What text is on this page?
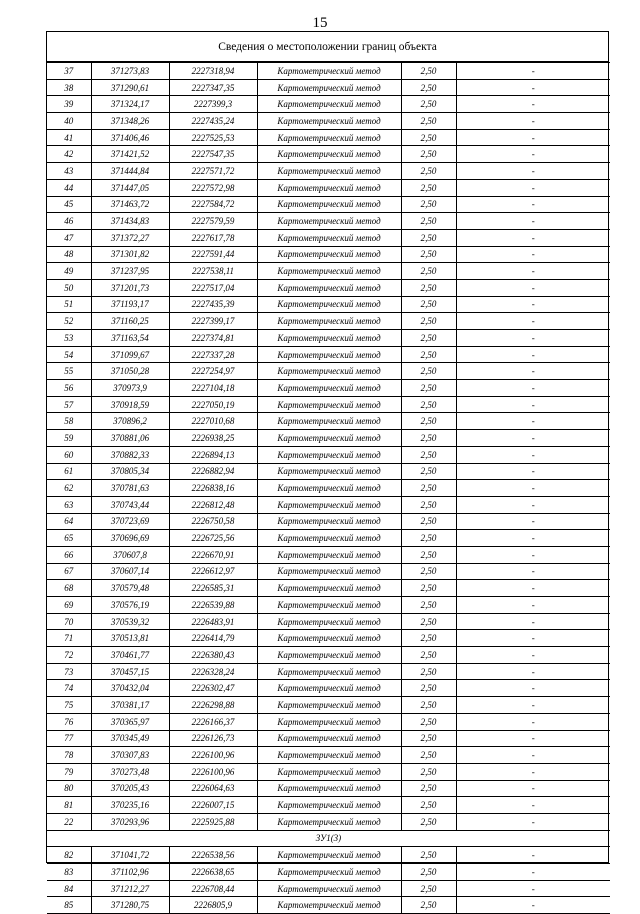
15
Сведения о местоположении границ объекта
37	371273,83	2227318,94	Картометрический метод	2,50	-
38	371290,61	2227347,35	Картометрический метод	2,50	-
39	371324,17	2227399,3	Картометрический метод	2,50	-
40	371348,26	2227435,24	Картометрический метод	2,50	-
41	371406,46	2227525,53	Картометрический метод	2,50	-
42	371421,52	2227547,35	Картометрический метод	2,50	-
43	371444,84	2227571,72	Картометрический метод	2,50	-
44	371447,05	2227572,98	Картометрический метод	2,50	-
45	371463,72	2227584,72	Картометрический метод	2,50	-
46	371434,83	2227579,59	Картометрический метод	2,50	-
47	371372,27	2227617,78	Картометрический метод	2,50	-
48	371301,82	2227591,44	Картометрический метод	2,50	-
49	371237,95	2227538,11	Картометрический метод	2,50	-
50	371201,73	2227517,04	Картометрический метод	2,50	-
51	371193,17	2227435,39	Картометрический метод	2,50	-
52	371160,25	2227399,17	Картометрический метод	2,50	-
53	371163,54	2227374,81	Картометрический метод	2,50	-
54	371099,67	2227337,28	Картометрический метод	2,50	-
55	371050,28	2227254,97	Картометрический метод	2,50	-
56	370973,9	2227104,18	Картометрический метод	2,50	-
57	370918,59	2227050,19	Картометрический метод	2,50	-
58	370896,2	2227010,68	Картометрический метод	2,50	-
59	370881,06	2226938,25	Картометрический метод	2,50	-
60	370882,33	2226894,13	Картометрический метод	2,50	-
61	370805,34	2226882,94	Картометрический метод	2,50	-
62	370781,63	2226838,16	Картометрический метод	2,50	-
63	370743,44	2226812,48	Картометрический метод	2,50	-
64	370723,69	2226750,58	Картометрический метод	2,50	-
65	370696,69	2226725,56	Картометрический метод	2,50	-
66	370607,8	2226670,91	Картометрический метод	2,50	-
67	370607,14	2226612,97	Картометрический метод	2,50	-
68	370579,48	2226585,31	Картометрический метод	2,50	-
69	370576,19	2226539,88	Картометрический метод	2,50	-
70	370539,32	2226483,91	Картометрический метод	2,50	-
71	370513,81	2226414,79	Картометрический метод	2,50	-
72	370461,77	2226380,43	Картометрический метод	2,50	-
73	370457,15	2226328,24	Картометрический метод	2,50	-
74	370432,04	2226302,47	Картометрический метод	2,50	-
75	370381,17	2226298,88	Картометрический метод	2,50	-
76	370365,97	2226166,37	Картометрический метод	2,50	-
77	370345,49	2226126,73	Картометрический метод	2,50	-
78	370307,83	2226100,96	Картометрический метод	2,50	-
79	370273,48	2226100,96	Картометрический метод	2,50	-
80	370205,43	2226064,63	Картометрический метод	2,50	-
81	370235,16	2226007,15	Картометрический метод	2,50	-
22	370293,96	2225925,88	Картометрический метод	2,50	-
ЗУ1(3)					
82	371041,72	2226538,56	Картометрический метод	2,50	-
83	371102,96	2226638,65	Картометрический метод	2,50	-
84	371212,27	2226708,44	Картометрический метод	2,50	-
85	371280,75	2226805,9	Картометрический метод	2,50	-
